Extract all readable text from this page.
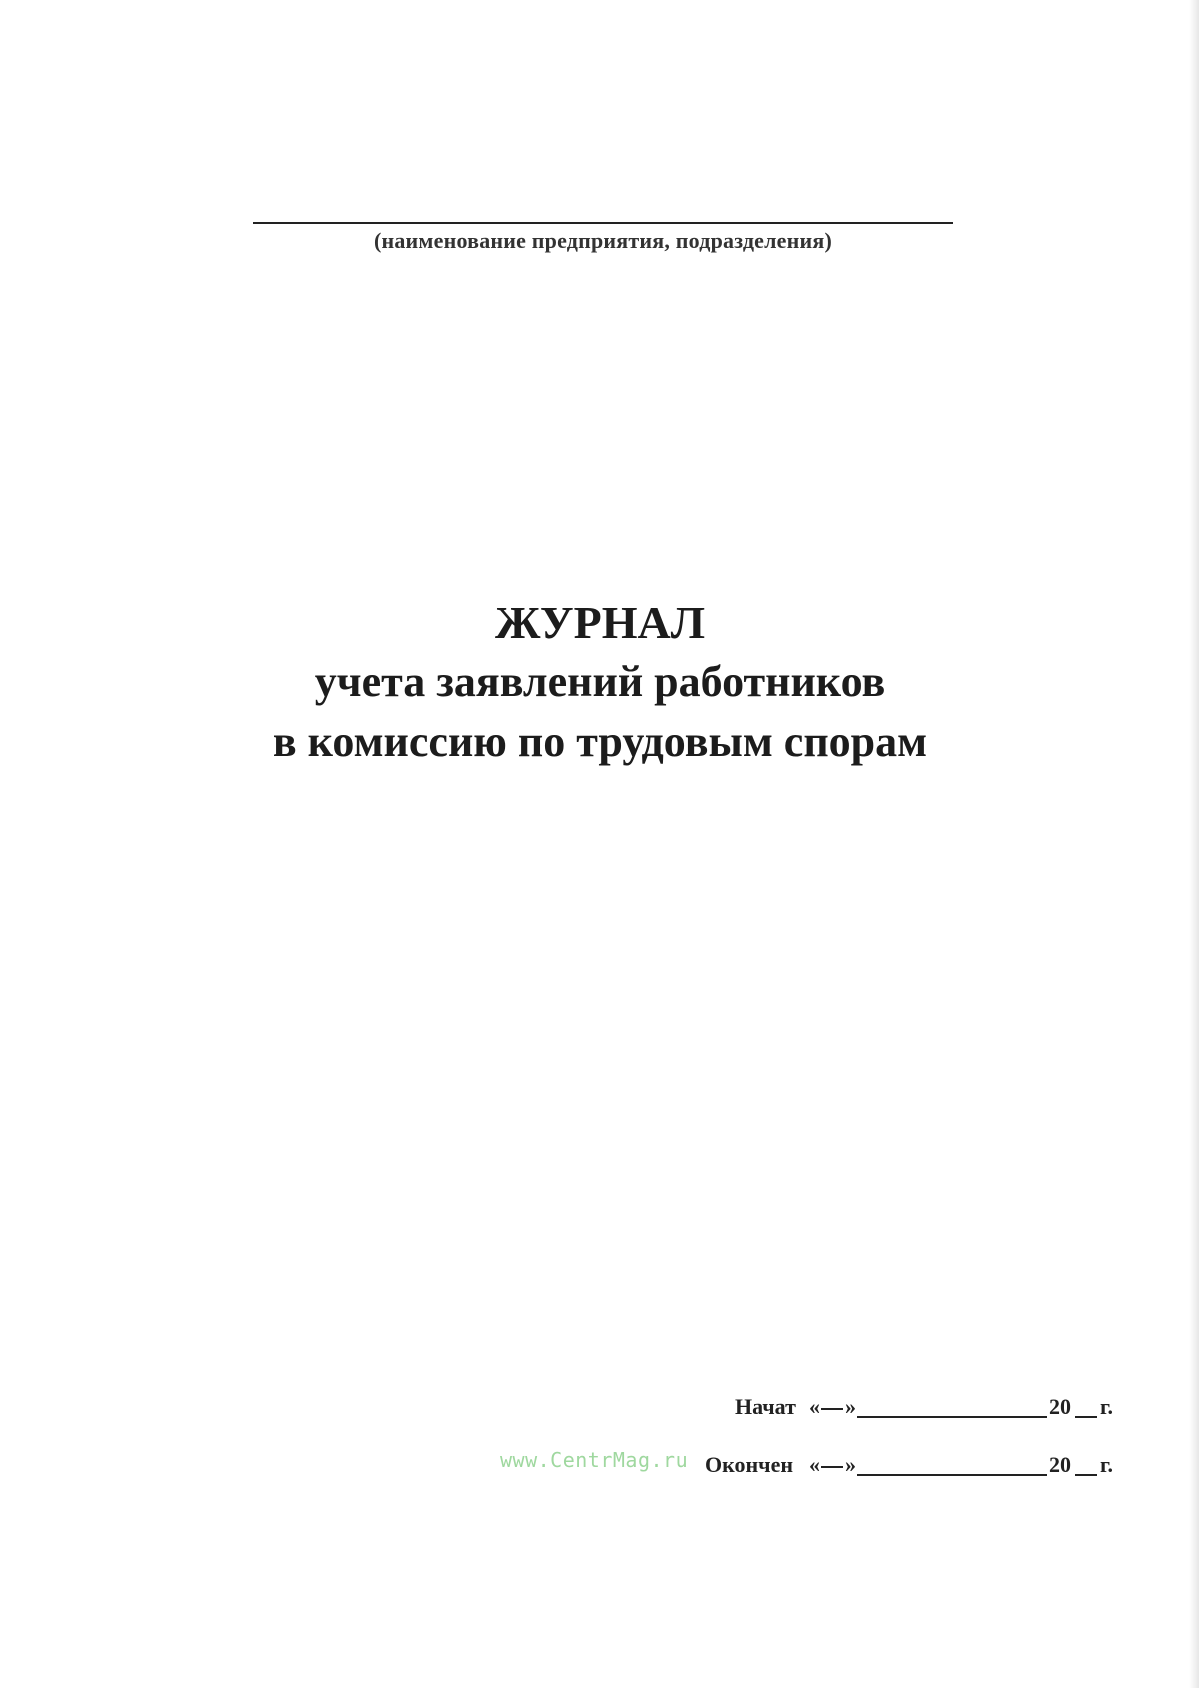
(наименование предприятия, подразделения)
ЖУРНАЛ
учета заявлений работников
в комиссию по трудовым спорам
Начат « »	20 г.
Окончен « »	20 г.
www.CentrMag.ru
